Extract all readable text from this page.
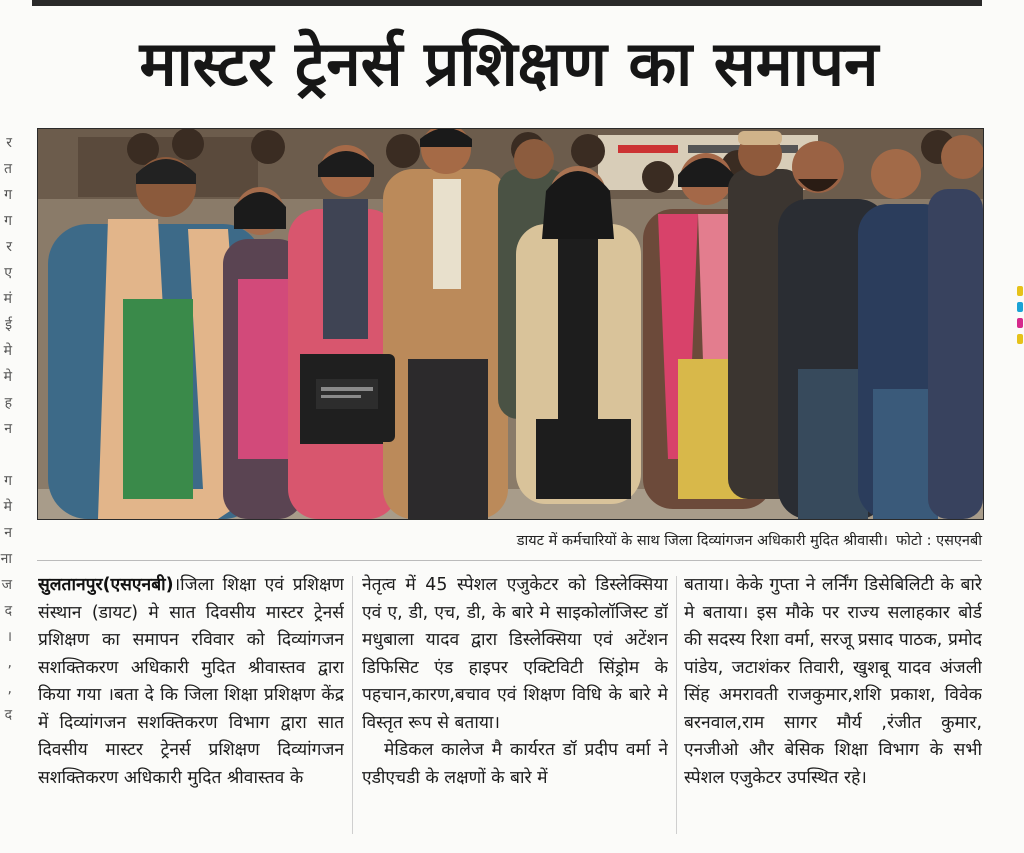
मास्टर ट्रेनर्स प्रशिक्षण का समापन
र
त
ग
ग
र
ए
मं
ई
मे
मे
ह
न
ग
मे
न
ना
ज
द
।
,
,
द
डायट में कर्मचारियों के साथ जिला दिव्यांगजन अधिकारी मुदित श्रीवासी। फोटो : एसएनबी

सुलतानपुर(एसएनबी)।जिला शिक्षा एवं प्रशिक्षण संस्थान (डायट) मे सात दिवसीय मास्टर ट्रेनर्स प्रशिक्षण का समापन रविवार को दिव्यांगजन सशक्तिकरण अधिकारी मुदित श्रीवास्तव द्वारा किया गया ।बता दे कि जिला शिक्षा प्रशिक्षण केंद्र में दिव्यांगजन सशक्तिकरण विभाग द्वारा सात दिवसीय मास्टर ट्रेनर्स प्रशिक्षण दिव्यांगजन सशक्तिकरण अधिकारी मुदित श्रीवास्तव के

नेतृत्व में 45 स्पेशल एजुकेटर को डिस्लेक्सिया एवं ए, डी, एच, डी, के बारे मे साइकोलॉजिस्ट डॉ मधुबाला यादव द्वारा डिस्लेक्सिया एवं अटेंशन डिफिसिट एंड हाइपर एक्टिविटी सिंड्रोम के पहचान,कारण,बचाव एवं शिक्षण विधि के बारे मे विस्तृत रूप से बताया।

मेडिकल कालेज मै कार्यरत डॉ प्रदीप वर्मा ने एडीएचडी के लक्षणों के बारे में

बताया। केके गुप्ता ने लर्निंग डिसेबिलिटी के बारे मे बताया। इस मौके पर राज्य सलाहकार बोर्ड की सदस्य रिशा वर्मा, सरजू प्रसाद पाठक, प्रमोद पांडेय, जटाशंकर तिवारी, खुशबू यादव अंजली सिंह अमरावती राजकुमार,शशि प्रकाश, विवेक बरनवाल,राम सागर मौर्य ,रंजीत कुमार, एनजीओ और बेसिक शिक्षा विभाग के सभी स्पेशल एजुकेटर उपस्थित रहे।
